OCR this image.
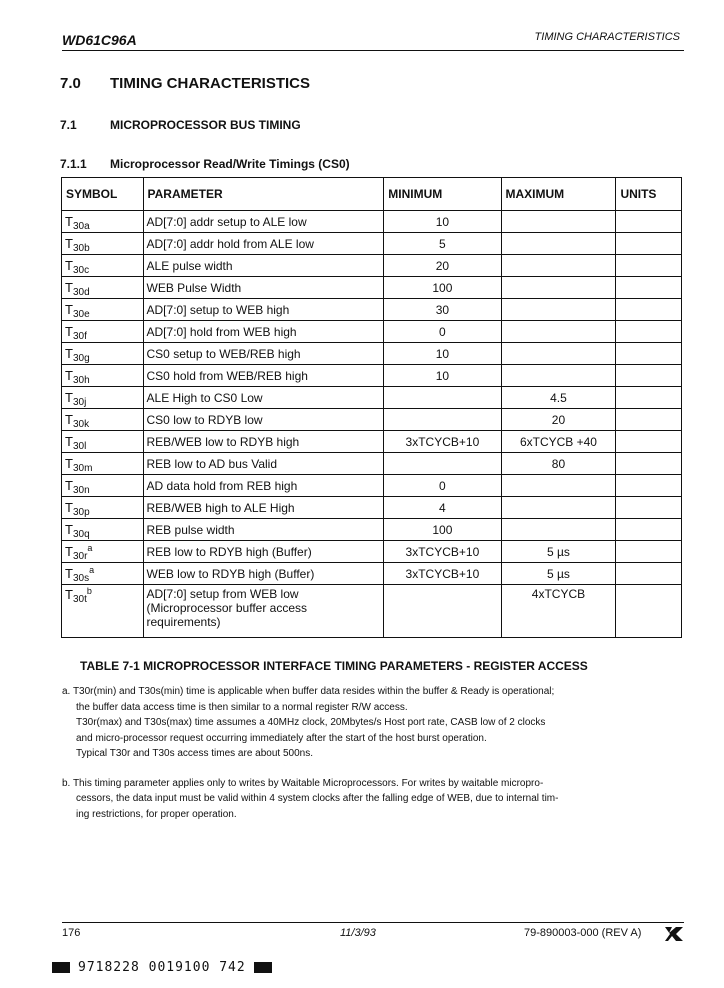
WD61C96A	TIMING CHARACTERISTICS
7.0 TIMING CHARACTERISTICS
7.1	MICROPROCESSOR BUS TIMING
7.1.1 Microprocessor Read/Write Timings (CS0)
SYMBOL	PARAMETER	MINIMUM	MAXIMUM	UNITS
$T_{30a}$	AD[7:0] addr setup to ALE low	10		
$T_{30b}$	AD[7:0] addr hold from ALE low	5		
$T_{30c}$	ALE pulse width	20		
$T_{30d}$	WEB Pulse Width	100		
$T_{30e}$	AD[7:0] setup to WEB high	30		
$T_{30f}$	AD[7:0] hold from WEB high	0		
$T_{30g}$	CS0 setup to WEB/REB high	10		
$T_{30h}$	CS0 hold from WEB/REB high	10		
$T_{30j}$	ALE High to CS0 Low		4.5	
$T_{30k}$	CS0 low to RDYB low		20	
$T_{30l}$	REB/WEB low to RDYB high	3xTCYCB+10	6xTCYCB +40	
$T_{30m}$	REB low to AD bus Valid		80	
$T_{30n}$	AD data hold from REB high	0		
$T_{30p}$	REB/WEB high to ALE High	4		
$T_{30q}$	REB pulse width	100		
$T_{30r}^a$	REB low to RDYB high (Buffer)	3xTCYCB+10	5 µs	
$T_{30s}^a$	WEB low to RDYB high (Buffer)	3xTCYCB+10	5 µs	
$T_{30t}^b$	AD[7:0] setup from WEB low (Microprocessor buffer access requirements)		4xTCYCB	
TABLE 7-1 MICROPROCESSOR INTERFACE TIMING PARAMETERS - REGISTER ACCESS

a. T30r(min) and T30s(min) time is applicable when buffer data resides within the buffer & Ready is operational;

the buffer data access time is then similar to a normal register R/W access.

T30r(max) and T30s(max) time assumes a 40MHz clock, 20Mbytes/s Host port rate, CASB low of 2 clocks

and micro-processor request occurring immediately after the start of the host burst operation.

Typical T30r and T30s access times are about 500ns.

b. This timing parameter applies only to writes by Waitable Microprocessors. For writes by waitable micropro-

cessors, the data input must be valid within 4 system clocks after the falling edge of WEB, due to internal tim-

ing restrictions, for proper operation.

176	11/3/93	79-890003-000 (REV A)
9718228 0019100 742
